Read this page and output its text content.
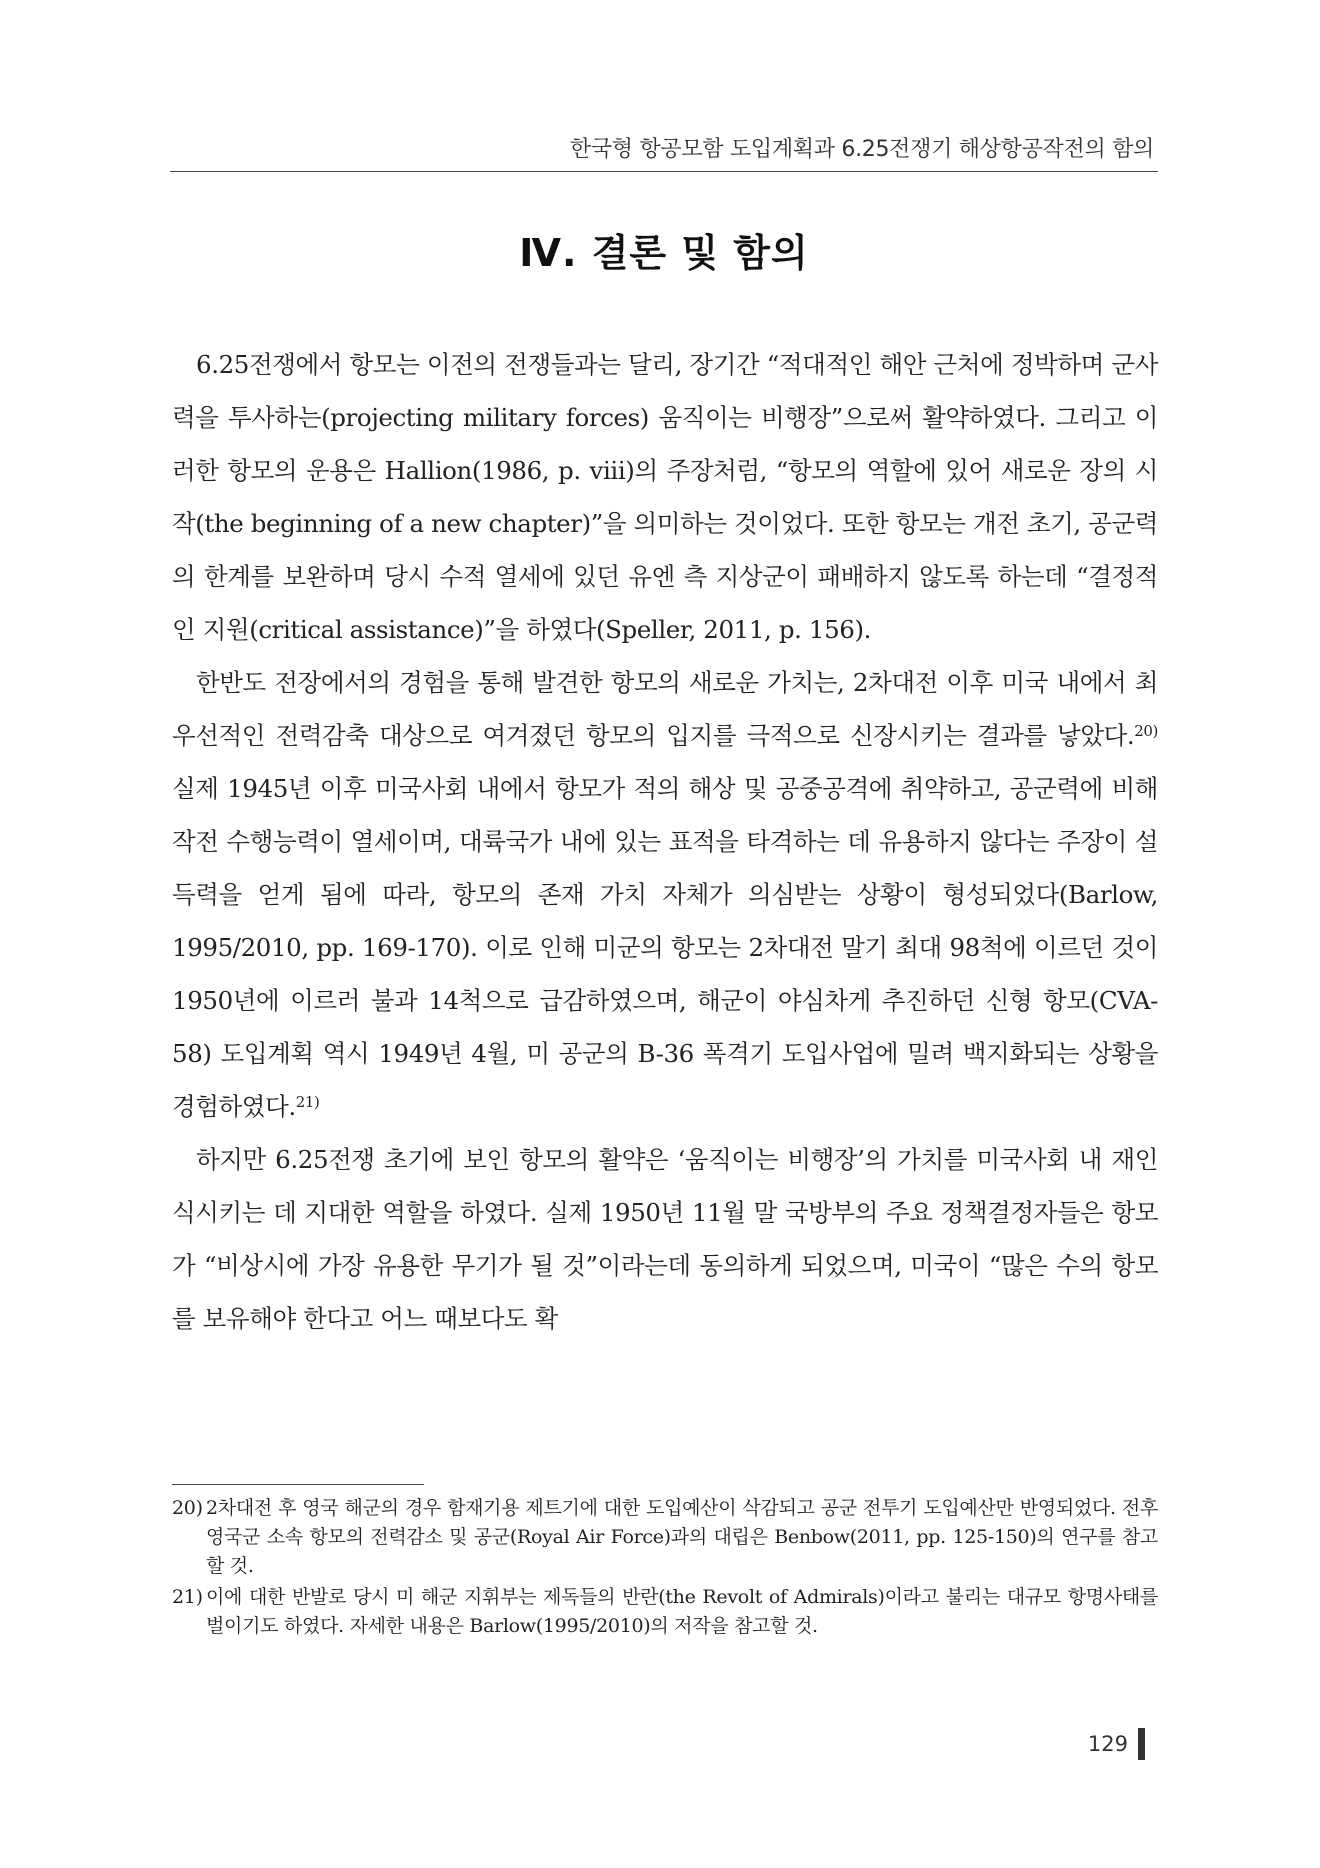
한국형 항공모함 도입계획과 6.25전쟁기 해상항공작전의 함의
Ⅳ. 결론 및 함의

6.25전쟁에서 항모는 이전의 전쟁들과는 달리, 장기간 “적대적인 해안 근처에 정박하며 군사력을 투사하는(projecting military forces) 움직이는 비행장”으로써 활약하였다. 그리고 이러한 항모의 운용은 Hallion(1986, p. viii)의 주장처럼, “항모의 역할에 있어 새로운 장의 시작(the beginning of a new chapter)”을 의미하는 것이었다. 또한 항모는 개전 초기, 공군력의 한계를 보완하며 당시 수적 열세에 있던 유엔 측 지상군이 패배하지 않도록 하는데 “결정적인 지원(critical assistance)”을 하였다(Speller, 2011, p. 156).

한반도 전장에서의 경험을 통해 발견한 항모의 새로운 가치는, 2차대전 이후 미국 내에서 최우선적인 전력감축 대상으로 여겨졌던 항모의 입지를 극적으로 신장시키는 결과를 낳았다.$^{20)}$ 실제 1945년 이후 미국사회 내에서 항모가 적의 해상 및 공중공격에 취약하고, 공군력에 비해 작전 수행능력이 열세이며, 대륙국가 내에 있는 표적을 타격하는 데 유용하지 않다는 주장이 설득력을 얻게 됨에 따라, 항모의 존재 가치 자체가 의심받는 상황이 형성되었다(Barlow, 1995/2010, pp. 169-170). 이로 인해 미군의 항모는 2차대전 말기 최대 98척에 이르던 것이 1950년에 이르러 불과 14척으로 급감하였으며, 해군이 야심차게 추진하던 신형 항모(CVA-58) 도입계획 역시 1949년 4월, 미 공군의 B-36 폭격기 도입사업에 밀려 백지화되는 상황을 경험하였다.$^{21)}$

하지만 6.25전쟁 초기에 보인 항모의 활약은 ‘움직이는 비행장’의 가치를 미국사회 내 재인식시키는 데 지대한 역할을 하였다. 실제 1950년 11월 말 국방부의 주요 정책결정자들은 항모가 “비상시에 가장 유용한 무기가 될 것”이라는데 동의하게 되었으며, 미국이 “많은 수의 항모를 보유해야 한다고 어느 때보다도 확

20) 2차대전 후 영국 해군의 경우 함재기용 제트기에 대한 도입예산이 삭감되고 공군 전투기 도입예산만 반영되었다. 전후 영국군 소속 항모의 전력감소 및 공군(Royal Air Force)과의 대립은 Benbow(2011, pp. 125-150)의 연구를 참고할 것.
21) 이에 대한 반발로 당시 미 해군 지휘부는 제독들의 반란(the Revolt of Admirals)이라고 불리는 대규모 항명사태를 벌이기도 하였다. 자세한 내용은 Barlow(1995/2010)의 저작을 참고할 것.
129
